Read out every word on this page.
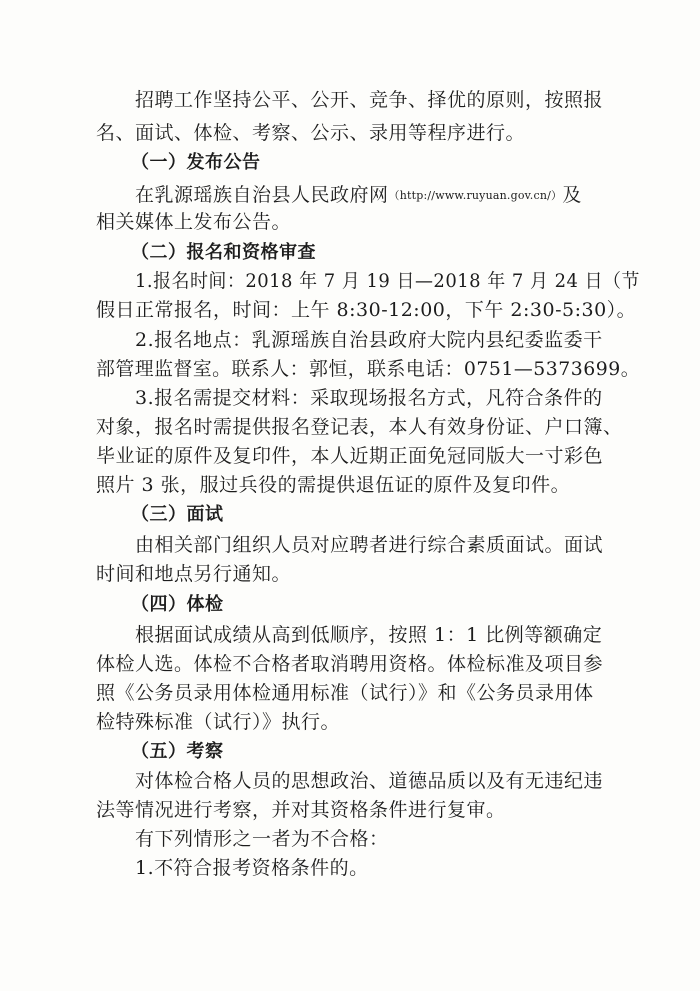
招聘工作坚持公平、公开、竞争、择优的原则，按照报
名、面试、体检、考察、公示、录用等程序进行。
（一）发布公告
在乳源瑶族自治县人民政府网（http://www.ruyuan.gov.cn/）及
相关媒体上发布公告。
（二）报名和资格审查
1.报名时间：2018 年 7 月 19 日—2018 年 7 月 24 日（节
假日正常报名，时间：上午 8:30-12:00，下午 2:30-5:30）。
2.报名地点：乳源瑶族自治县政府大院内县纪委监委干
部管理监督室。联系人：郭恒，联系电话：0751—5373699。
3.报名需提交材料：采取现场报名方式，凡符合条件的
对象，报名时需提供报名登记表，本人有效身份证、户口簿、
毕业证的原件及复印件，本人近期正面免冠同版大一寸彩色
照片 3 张，服过兵役的需提供退伍证的原件及复印件。
（三）面试
由相关部门组织人员对应聘者进行综合素质面试。面试
时间和地点另行通知。
（四）体检
根据面试成绩从高到低顺序，按照 1：1 比例等额确定
体检人选。体检不合格者取消聘用资格。体检标准及项目参
照《公务员录用体检通用标准（试行）》和《公务员录用体
检特殊标准（试行）》执行。
（五）考察
对体检合格人员的思想政治、道德品质以及有无违纪违
法等情况进行考察，并对其资格条件进行复审。
有下列情形之一者为不合格：
1.不符合报考资格条件的。
